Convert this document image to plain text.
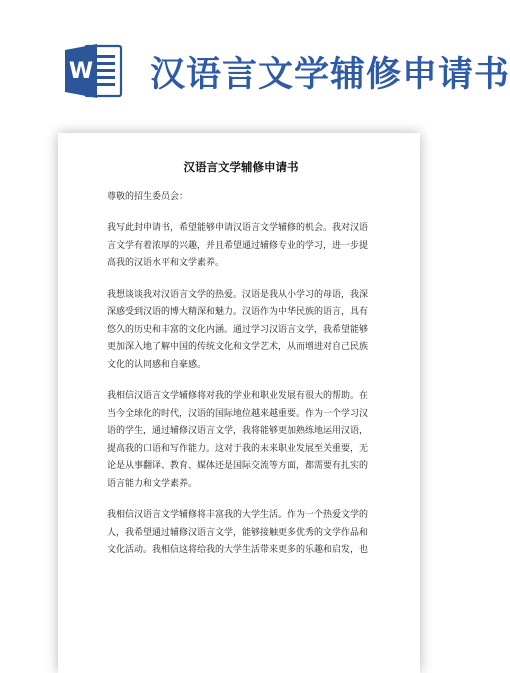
W 汉语言文学辅修申请书
汉语言文学辅修申请书
尊敬的招生委员会：
我写此封申请书，希望能够申请汉语言文学辅修的机会。我对汉语言文学有着浓厚的兴趣，并且希望通过辅修专业的学习，进一步提高我的汉语水平和文学素养。
我想谈谈我对汉语言文学的热爱。汉语是我从小学习的母语，我深深感受到汉语的博大精深和魅力。汉语作为中华民族的语言，具有悠久的历史和丰富的文化内涵。通过学习汉语言文学，我希望能够更加深入地了解中国的传统文化和文学艺术，从而增进对自己民族文化的认同感和自豪感。
我相信汉语言文学辅修将对我的学业和职业发展有很大的帮助。在当今全球化的时代，汉语的国际地位越来越重要。作为一个学习汉语的学生，通过辅修汉语言文学，我将能够更加熟练地运用汉语，提高我的口语和写作能力。这对于我的未来职业发展至关重要，无论是从事翻译、教育、媒体还是国际交流等方面，都需要有扎实的语言能力和文学素养。
我相信汉语言文学辅修将丰富我的大学生活。作为一个热爱文学的人，我希望通过辅修汉语言文学，能够接触更多优秀的文学作品和文化活动。我相信这将给我的大学生活带来更多的乐趣和启发，也
